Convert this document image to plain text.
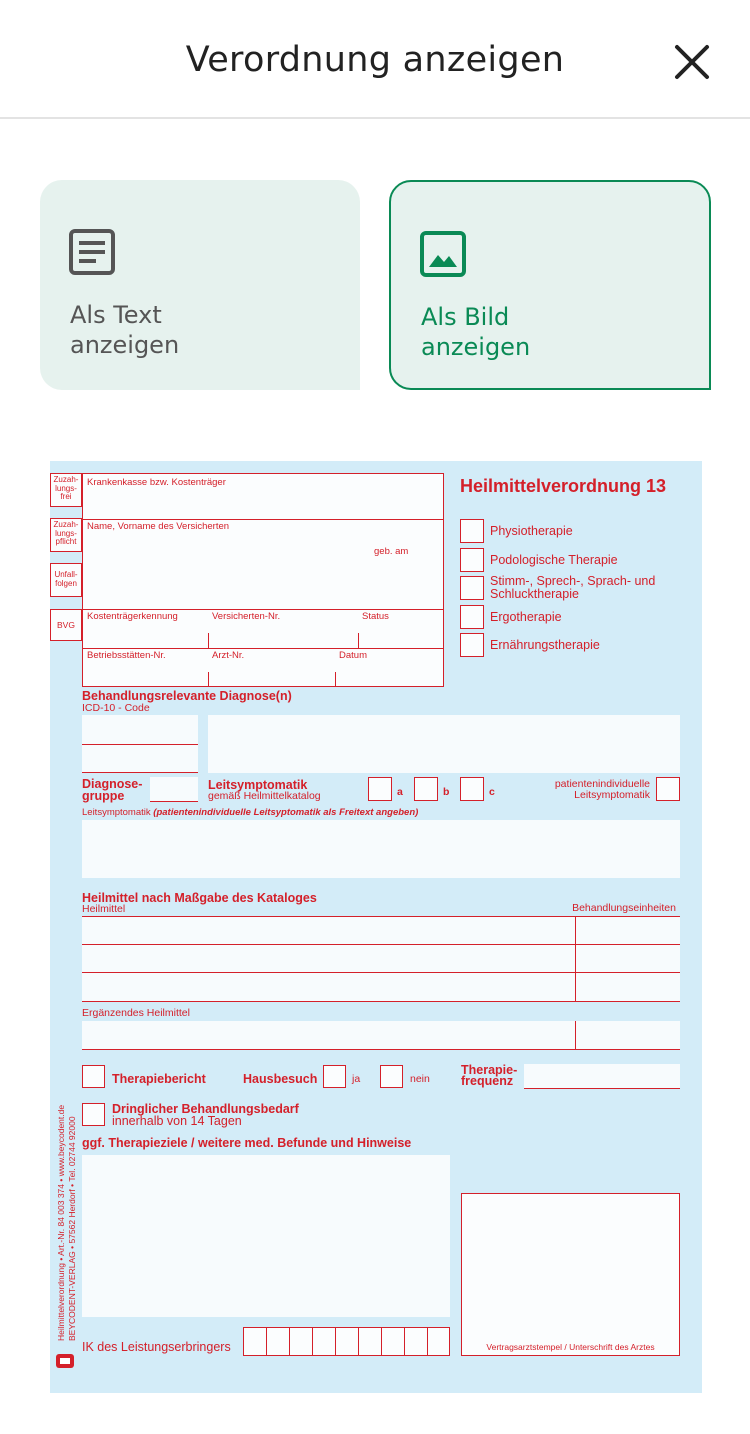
Verordnung anzeigen
Als Text
anzeigen
Als Bild
anzeigen
Zuzah-
lungs-
frei
Zuzah-
lungs-
pflicht
Unfall-
folgen
BVG
Krankenkasse bzw. Kostenträger
Name, Vorname des Versicherten
geb. am
Kostenträgerkennung	Versicherten-Nr.	Status
Betriebsstätten-Nr.	Arzt-Nr.	Datum
Heilmittelverordnung 13
Physiotherapie
Podologische Therapie
Stimm-, Sprech-, Sprach- und
Schlucktherapie
Ergotherapie
Ernährungstherapie
Behandlungsrelevante Diagnose(n)
ICD-10 - Code
Diagnose-
gruppe
Leitsymptomatik
gemäß Heilmittelkatalog	a	b	c
patientenindividuelle
Leitsymptomatik
Leitsymptomatik (patientenindividuelle Leitsyptomatik als Freitext angeben)
Heilmittel nach Maßgabe des Kataloges
Heilmittel	Behandlungseinheiten
Ergänzendes Heilmittel
Therapiebericht	Hausbesuch	ja	nein
Therapie-
frequenz
Dringlicher Behandlungsbedarf
innerhalb von 14 Tagen
ggf. Therapieziele / weitere med. Befunde und Hinweise
Vertragsarztstempel / Unterschrift des Arztes
IK des Leistungserbringers
Heilmittelverordnung • Art.-Nr. 84 003 374 • www.beycodent.de BEYCODENT-VERLAG • 57562 Herdorf • Tel. 02744 92000
